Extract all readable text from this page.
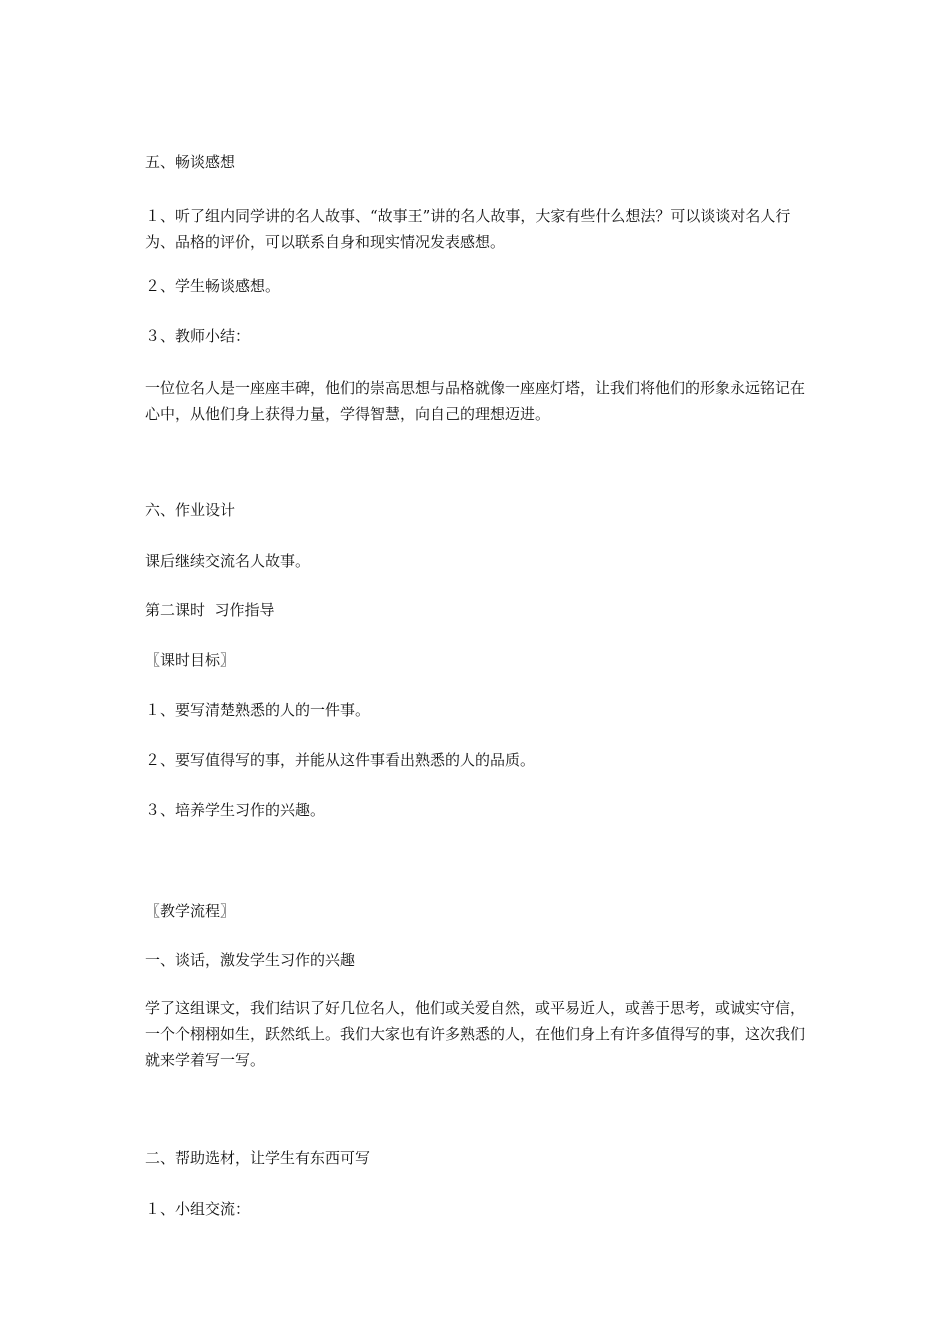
五、畅谈感想

１、听了组内同学讲的名人故事、“故事王”讲的名人故事，大家有些什么想法？可以谈谈对名人行为、品格的评价，可以联系自身和现实情况发表感想。

２、学生畅谈感想。

３、教师小结：

一位位名人是一座座丰碑，他们的崇高思想与品格就像一座座灯塔，让我们将他们的形象永远铭记在心中，从他们身上获得力量，学得智慧，向自己的理想迈进。

六、作业设计

课后继续交流名人故事。

第二课时  习作指导

〖课时目标〗

１、要写清楚熟悉的人的一件事。

２、要写值得写的事，并能从这件事看出熟悉的人的品质。

３、培养学生习作的兴趣。

〖教学流程〗

一、谈话，激发学生习作的兴趣

学了这组课文，我们结识了好几位名人，他们或关爱自然，或平易近人，或善于思考，或诚实守信，一个个栩栩如生，跃然纸上。我们大家也有许多熟悉的人，在他们身上有许多值得写的事，这次我们就来学着写一写。

二、帮助选材，让学生有东西可写

１、小组交流：
